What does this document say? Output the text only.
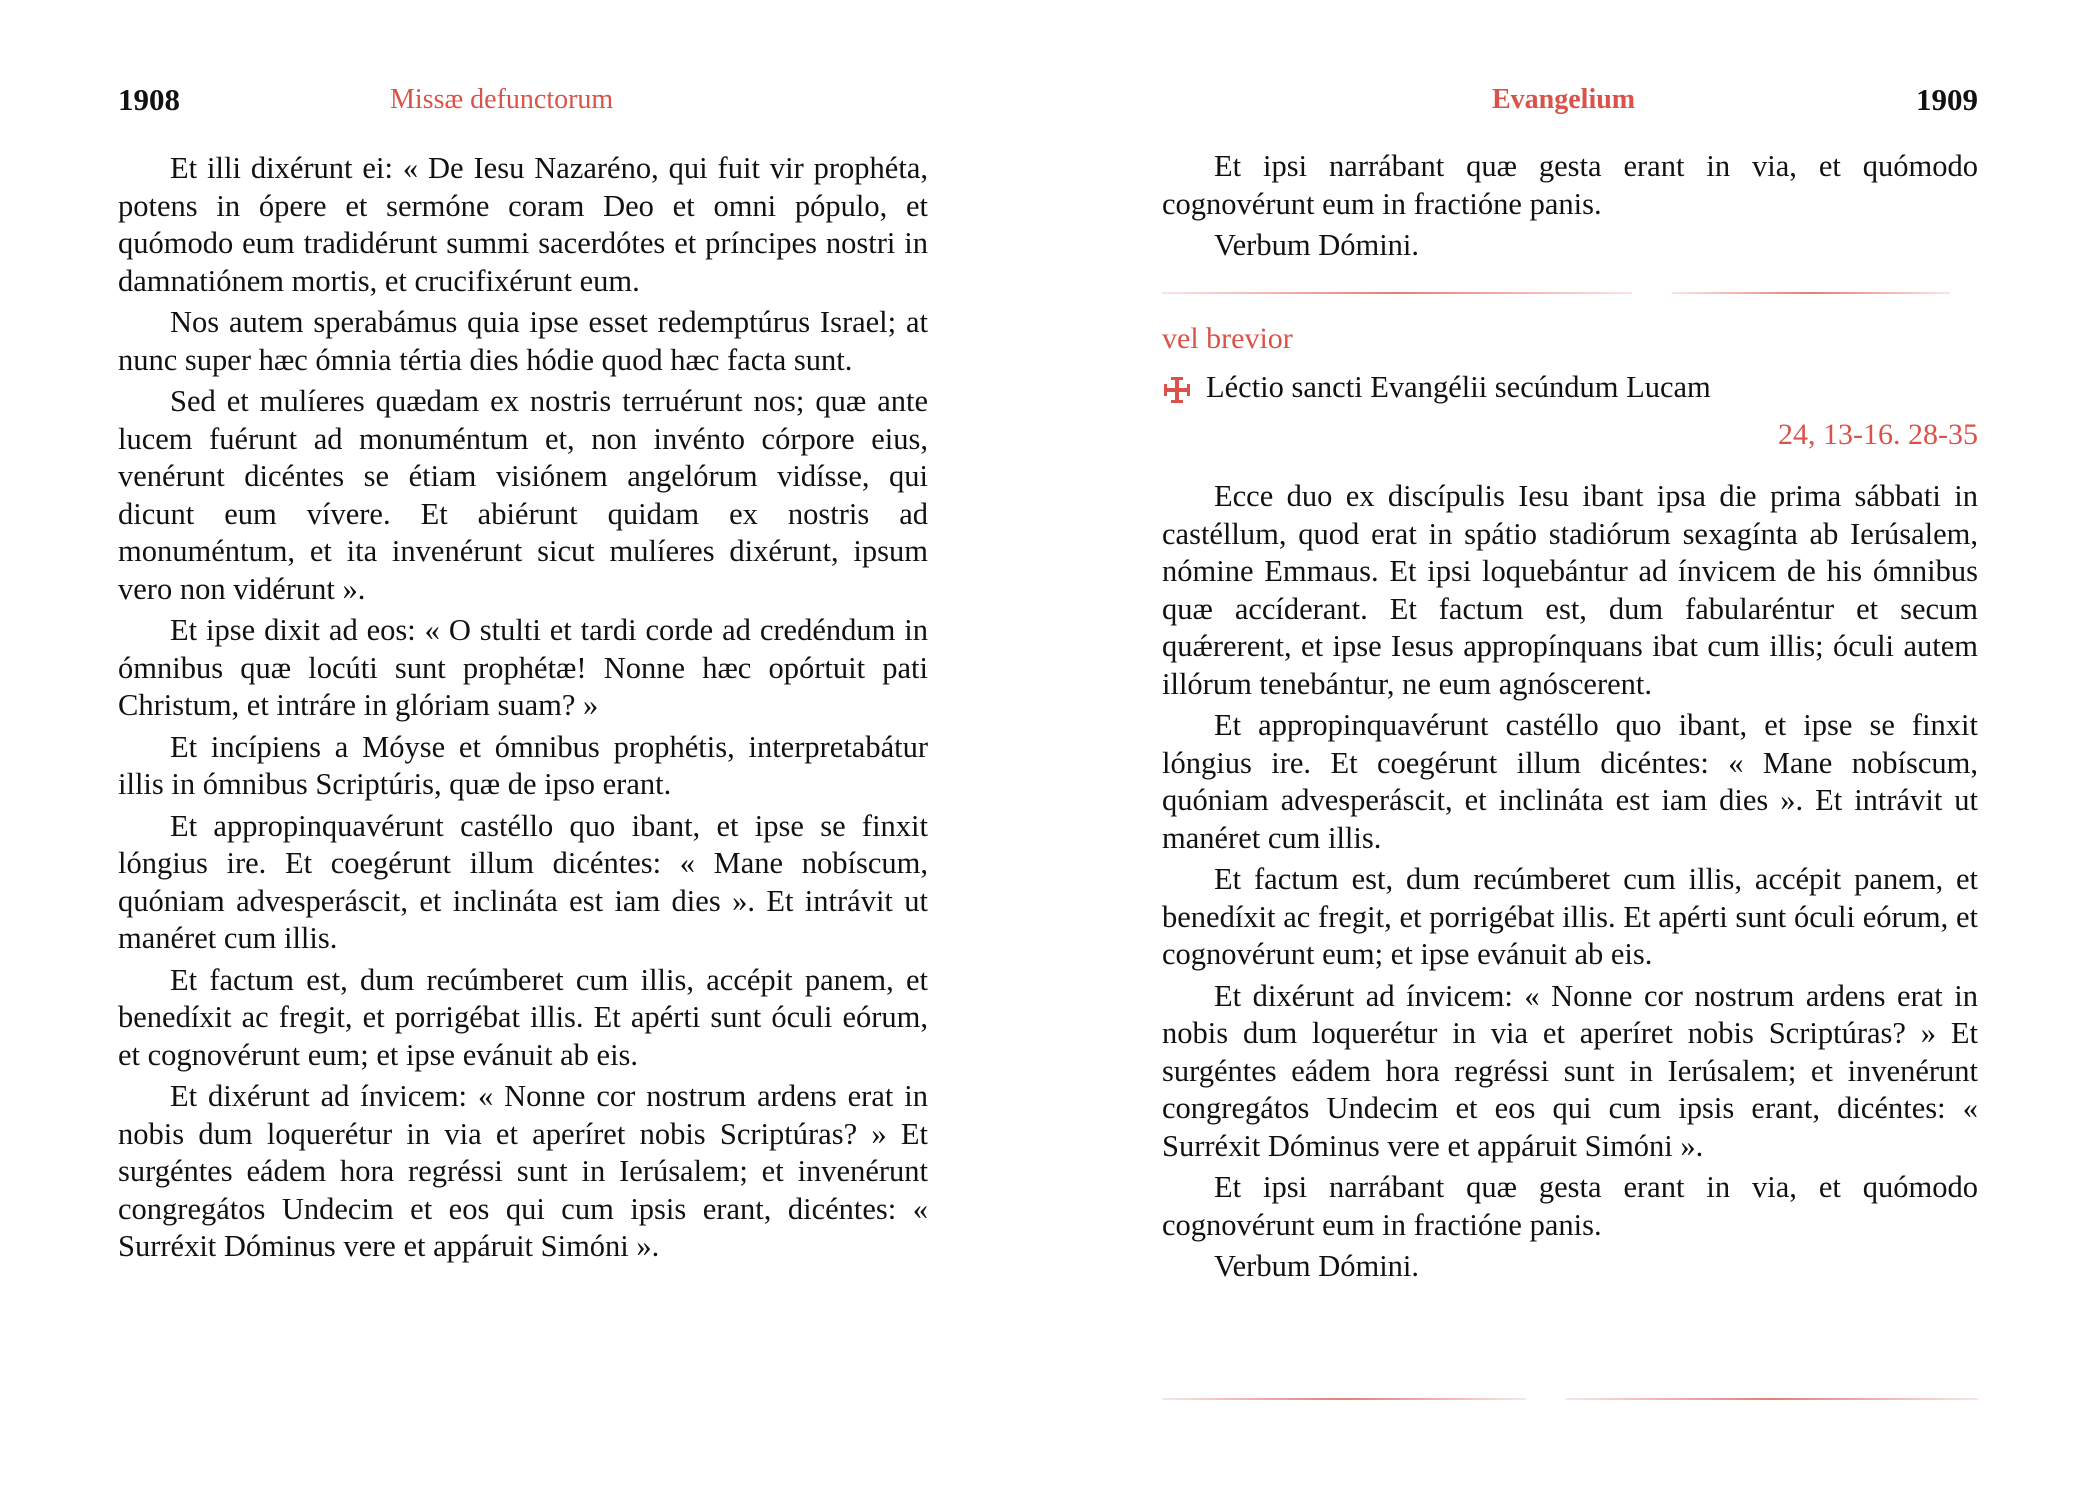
1908	Missæ defunctorum

Et illi dixérunt ei: « De Iesu Nazaréno, qui fuit vir prophéta, potens in ópere et sermóne coram Deo et omni pópulo, et quómodo eum tradidérunt summi sacerdótes et príncipes nostri in damnatiónem mortis, et crucifixérunt eum.

Nos autem sperabámus quia ipse esset redemptúrus Israel; at nunc super hæc ómnia tértia dies hódie quod hæc facta sunt.

Sed et mulíeres quædam ex nostris terruérunt nos; quæ ante lucem fuérunt ad monuméntum et, non invénto córpore eius, venérunt dicéntes se étiam visiónem angelórum vidísse, qui dicunt eum vívere. Et abiérunt quidam ex nostris ad monuméntum, et ita invenérunt sicut mulíeres dixérunt, ipsum vero non vidérunt ».

Et ipse dixit ad eos: « O stulti et tardi corde ad credéndum in ómnibus quæ locúti sunt prophétæ! Nonne hæc opórtuit pati Christum, et intráre in glóriam suam? »

Et incípiens a Móyse et ómnibus prophétis, interpretabátur illis in ómnibus Scriptúris, quæ de ipso erant.

Et appropinquavérunt castéllo quo ibant, et ipse se finxit lóngius ire. Et coegérunt illum dicéntes: « Mane nobíscum, quóniam advesperáscit, et inclináta est iam dies ». Et intrávit ut manéret cum illis.

Et factum est, dum recúmberet cum illis, accépit panem, et benedíxit ac fregit, et porrigébat illis. Et apérti sunt óculi eórum, et cognovérunt eum; et ipse evánuit ab eis.

Et dixérunt ad ínvicem: « Nonne cor nostrum ardens erat in nobis dum loquerétur in via et aperíret nobis Scriptúras? » Et surgéntes eádem hora regréssi sunt in Ierúsalem; et invenérunt congregátos Undecim et eos qui cum ipsis erant, dicéntes: « Surréxit Dóminus vere et appáruit Simóni ».

Evangelium	1909

Et ipsi narrábant quæ gesta erant in via, et quómodo cognovérunt eum in fractióne panis.

Verbum Dómini.

vel brevior
Léctio sancti Evangélii secúndum Lucam
24, 13-16. 28-35

Ecce duo ex discípulis Iesu ibant ipsa die prima sábbati in castéllum, quod erat in spátio stadiórum sexagínta ab Ierúsalem, nómine Emmaus. Et ipsi loquebántur ad ínvicem de his ómnibus quæ accíderant. Et factum est, dum fabularéntur et secum quǽrerent, et ipse Iesus appropínquans ibat cum illis; óculi autem illórum tenebántur, ne eum agnóscerent.

Et appropinquavérunt castéllo quo ibant, et ipse se finxit lóngius ire. Et coegérunt illum dicéntes: « Mane nobíscum, quóniam advesperáscit, et inclináta est iam dies ». Et intrávit ut manéret cum illis.

Et factum est, dum recúmberet cum illis, accépit panem, et benedíxit ac fregit, et porrigébat illis. Et apérti sunt óculi eórum, et cognovérunt eum; et ipse evánuit ab eis.

Et dixérunt ad ínvicem: « Nonne cor nostrum ardens erat in nobis dum loquerétur in via et aperíret nobis Scriptúras? » Et surgéntes eádem hora regréssi sunt in Ierúsalem; et invenérunt congregátos Undecim et eos qui cum ipsis erant, dicéntes: « Surréxit Dóminus vere et appáruit Simóni ».

Et ipsi narrábant quæ gesta erant in via, et quómodo cognovérunt eum in fractióne panis.

Verbum Dómini.
